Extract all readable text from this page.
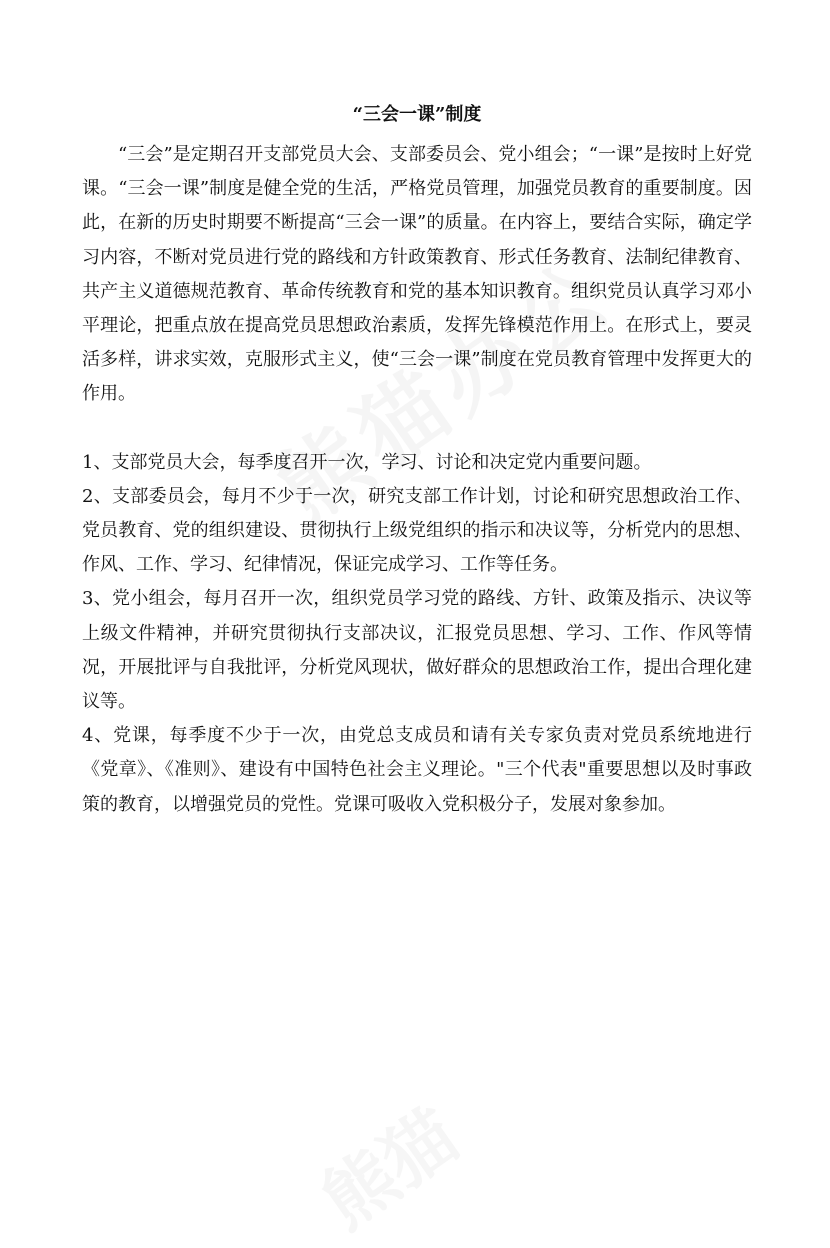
“三会一课”制度

“三会”是定期召开支部党员大会、支部委员会、党小组会；“一课”是按时上好党课。“三会一课”制度是健全党的生活，严格党员管理，加强党员教育的重要制度。因此，在新的历史时期要不断提高“三会一课”的质量。在内容上，要结合实际，确定学习内容，不断对党员进行党的路线和方针政策教育、形式任务教育、法制纪律教育、共产主义道德规范教育、革命传统教育和党的基本知识教育。组织党员认真学习邓小平理论，把重点放在提高党员思想政治素质，发挥先锋模范作用上。在形式上，要灵活多样，讲求实效，克服形式主义，使“三会一课”制度在党员教育管理中发挥更大的作用。

1、支部党员大会，每季度召开一次，学习、讨论和决定党内重要问题。

2、支部委员会，每月不少于一次，研究支部工作计划，讨论和研究思想政治工作、党员教育、党的组织建设、贯彻执行上级党组织的指示和决议等，分析党内的思想、作风、工作、学习、纪律情况，保证完成学习、工作等任务。

3、党小组会，每月召开一次，组织党员学习党的路线、方针、政策及指示、决议等上级文件精神，并研究贯彻执行支部决议，汇报党员思想、学习、工作、作风等情况，开展批评与自我批评，分析党风现状，做好群众的思想政治工作，提出合理化建议等。

4、党课，每季度不少于一次，由党总支成员和请有关专家负责对党员系统地进行《党章》、《准则》、建设有中国特色社会主义理论。"三个代表"重要思想以及时事政策的教育，以增强党员的党性。党课可吸收入党积极分子，发展对象参加。
